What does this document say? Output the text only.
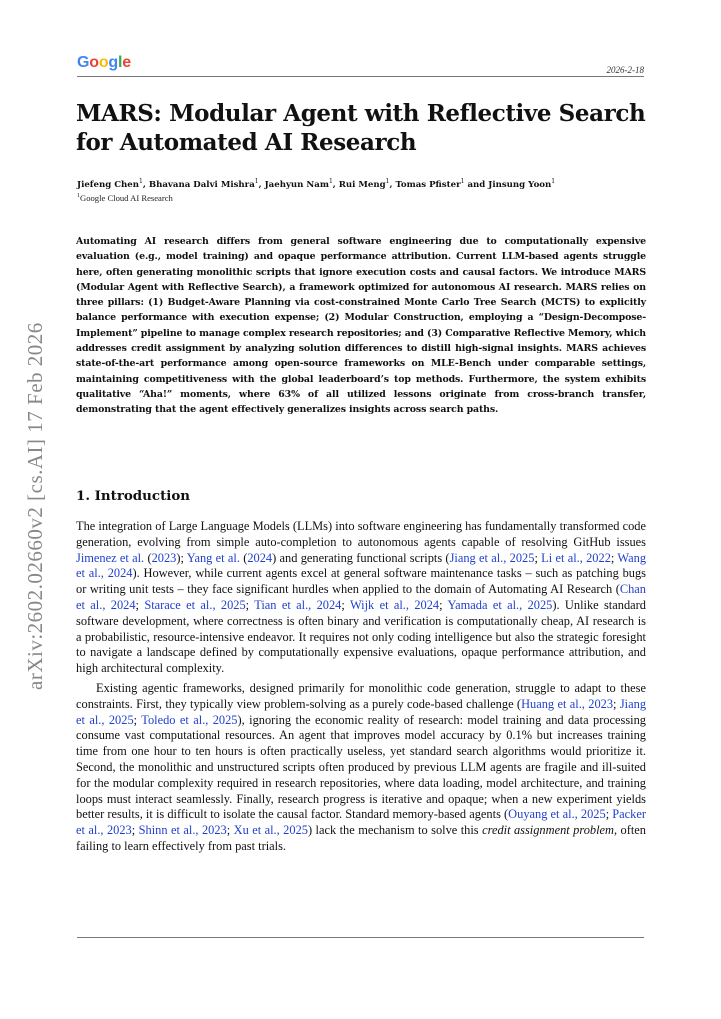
Google	2026-2-18
MARS: Modular Agent with Reflective Search for Automated AI Research
Jiefeng Chen$^1$, Bhavana Dalvi Mishra$^1$, Jaehyun Nam$^1$, Rui Meng$^1$, Tomas Pfister$^1$ and Jinsung Yoon$^1$
$^1$Google Cloud AI Research

Automating AI research differs from general software engineering due to computationally expensive evaluation (e.g., model training) and opaque performance attribution. Current LLM-based agents struggle here, often generating monolithic scripts that ignore execution costs and causal factors. We introduce MARS (Modular Agent with Reflective Search), a framework optimized for autonomous AI research. MARS relies on three pillars: (1) Budget-Aware Planning via cost-constrained Monte Carlo Tree Search (MCTS) to explicitly balance performance with execution expense; (2) Modular Construction, employing a “Design-Decompose-Implement” pipeline to manage complex research repositories; and (3) Comparative Reflective Memory, which addresses credit assignment by analyzing solution differences to distill high-signal insights. MARS achieves state-of-the-art performance among open-source frameworks on MLE-Bench under comparable settings, maintaining competitiveness with the global leaderboard’s top methods. Furthermore, the system exhibits qualitative “Aha!” moments, where 63% of all utilized lessons originate from cross-branch transfer, demonstrating that the agent effectively generalizes insights across search paths.

1. Introduction

The integration of Large Language Models (LLMs) into software engineering has fundamentally transformed code generation, evolving from simple auto-completion to autonomous agents capable of resolving GitHub issues Jimenez et al. (2023); Yang et al. (2024) and generating functional scripts (Jiang et al., 2025; Li et al., 2022; Wang et al., 2024). However, while current agents excel at general software maintenance tasks – such as patching bugs or writing unit tests – they face significant hurdles when applied to the domain of Automating AI Research (Chan et al., 2024; Starace et al., 2025; Tian et al., 2024; Wijk et al., 2024; Yamada et al., 2025). Unlike standard software development, where correctness is often binary and verification is computationally cheap, AI research is a probabilistic, resource-intensive endeavor. It requires not only coding intelligence but also the strategic foresight to navigate a landscape defined by computationally expensive evaluations, opaque performance attribution, and high architectural complexity.

Existing agentic frameworks, designed primarily for monolithic code generation, struggle to adapt to these constraints. First, they typically view problem-solving as a purely code-based challenge (Huang et al., 2023; Jiang et al., 2025; Toledo et al., 2025), ignoring the economic reality of research: model training and data processing consume vast computational resources. An agent that improves model accuracy by 0.1% but increases training time from one hour to ten hours is often practically useless, yet standard search algorithms would prioritize it. Second, the monolithic and unstructured scripts often produced by previous LLM agents are fragile and ill-suited for the modular complexity required in research repositories, where data loading, model architecture, and training loops must interact seamlessly. Finally, research progress is iterative and opaque; when a new experiment yields better results, it is difficult to isolate the causal factor. Standard memory-based agents (Ouyang et al., 2025; Packer et al., 2023; Shinn et al., 2023; Xu et al., 2025) lack the mechanism to solve this credit assignment problem, often failing to learn effectively from past trials.

arXiv:2602.02660v2 [cs.AI] 17 Feb 2026
